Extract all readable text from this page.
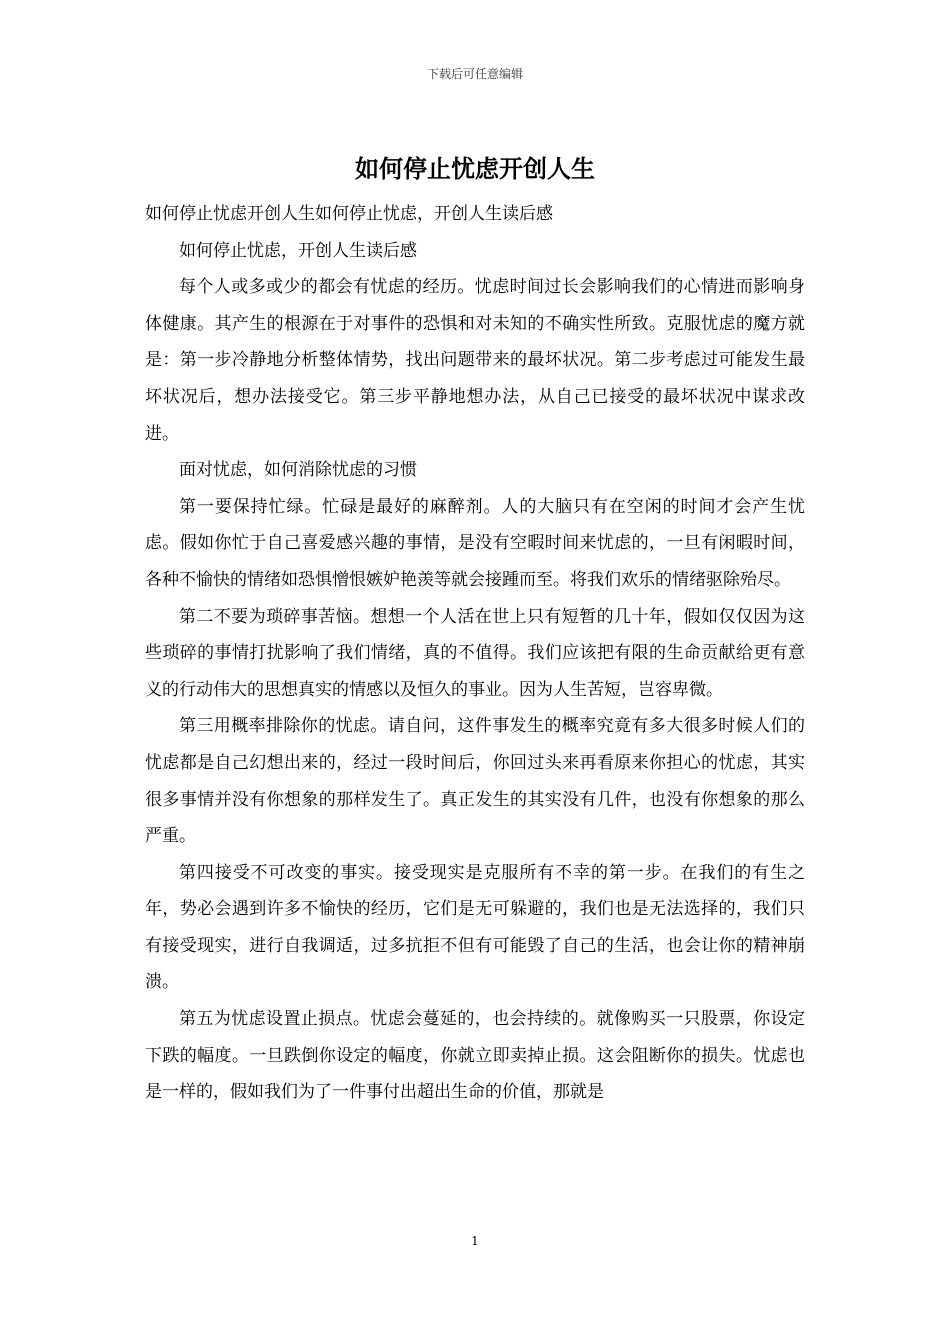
下载后可任意编辑
如何停止忧虑开创人生

如何停止忧虑开创人生如何停止忧虑，开创人生读后感

如何停止忧虑，开创人生读后感

每个人或多或少的都会有忧虑的经历。忧虑时间过长会影响我们的心情进而影响身体健康。其产生的根源在于对事件的恐惧和对未知的不确实性所致。克服忧虑的魔方就是：第一步冷静地分析整体情势，找出问题带来的最坏状况。第二步考虑过可能发生最坏状况后，想办法接受它。第三步平静地想办法，从自己已接受的最坏状况中谋求改进。

面对忧虑，如何消除忧虑的习惯

第一要保持忙绿。忙碌是最好的麻醉剂。人的大脑只有在空闲的时间才会产生忧虑。假如你忙于自己喜爱感兴趣的事情，是没有空暇时间来忧虑的，一旦有闲暇时间，各种不愉快的情绪如恐惧憎恨嫉妒艳羡等就会接踵而至。将我们欢乐的情绪驱除殆尽。

第二不要为琐碎事苦恼。想想一个人活在世上只有短暂的几十年，假如仅仅因为这些琐碎的事情打扰影响了我们情绪，真的不值得。我们应该把有限的生命贡献给更有意义的行动伟大的思想真实的情感以及恒久的事业。因为人生苦短，岂容卑微。

第三用概率排除你的忧虑。请自问，这件事发生的概率究竟有多大很多时候人们的忧虑都是自己幻想出来的，经过一段时间后，你回过头来再看原来你担心的忧虑，其实很多事情并没有你想象的那样发生了。真正发生的其实没有几件，也没有你想象的那么严重。

第四接受不可改变的事实。接受现实是克服所有不幸的第一步。在我们的有生之年，势必会遇到许多不愉快的经历，它们是无可躲避的，我们也是无法选择的，我们只有接受现实，进行自我调适，过多抗拒不但有可能毁了自己的生活，也会让你的精神崩溃。

第五为忧虑设置止损点。忧虑会蔓延的，也会持续的。就像购买一只股票，你设定下跌的幅度。一旦跌倒你设定的幅度，你就立即卖掉止损。这会阻断你的损失。忧虑也是一样的，假如我们为了一件事付出超出生命的价值，那就是

1
